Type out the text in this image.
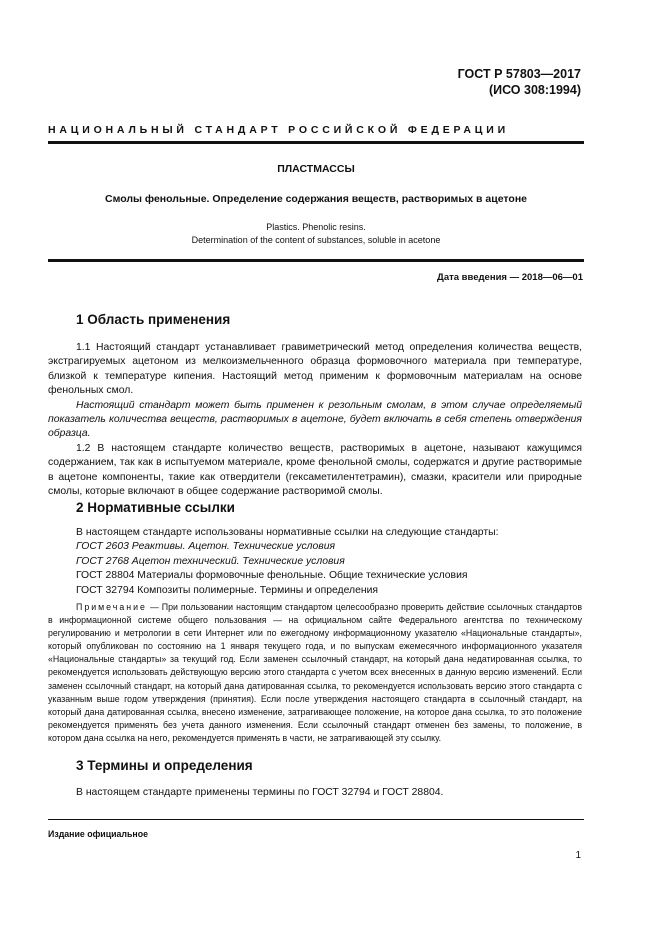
ГОСТ Р 57803—2017
(ИСО 308:1994)
НАЦИОНАЛЬНЫЙ СТАНДАРТ РОССИЙСКОЙ ФЕДЕРАЦИИ
ПЛАСТМАССЫ
Смолы фенольные. Определение содержания веществ, растворимых в ацетоне
Plastics. Phenolic resins.
Determination of the content of substances, soluble in acetone
Дата введения — 2018—06—01
1 Область применения

1.1 Настоящий стандарт устанавливает гравиметрический метод определения количества веществ, экстрагируемых ацетоном из мелкоизмельченного образца формовочного материала при температуре, близкой к температуре кипения. Настоящий метод применим к формовочным материалам на основе фенольных смол.

Настоящий стандарт может быть применен к резольным смолам, в этом случае определяемый показатель количества веществ, растворимых в ацетоне, будет включать в себя степень отверждения образца.

1.2 В настоящем стандарте количество веществ, растворимых в ацетоне, называют кажущимся содержанием, так как в испытуемом материале, кроме фенольной смолы, содержатся и другие растворимые в ацетоне компоненты, такие как отвердители (гексаметилентетрамин), смазки, красители или природные смолы, которые включают в общее содержание растворимой смолы.

2 Нормативные ссылки
В настоящем стандарте использованы нормативные ссылки на следующие стандарты:
ГОСТ 2603 Реактивы. Ацетон. Технические условия
ГОСТ 2768 Ацетон технический. Технические условия
ГОСТ 28804 Материалы формовочные фенольные. Общие технические условия
ГОСТ 32794 Композиты полимерные. Термины и определения
Примечание — При пользовании настоящим стандартом целесообразно проверить действие ссылочных стандартов в информационной системе общего пользования — на официальном сайте Федерального агентства по техническому регулированию и метрологии в сети Интернет или по ежегодному информационному указателю «Национальные стандарты», который опубликован по состоянию на 1 января текущего года, и по выпускам ежемесячного информационного указателя «Национальные стандарты» за текущий год. Если заменен ссылочный стандарт, на который дана недатированная ссылка, то рекомендуется использовать действующую версию этого стандарта с учетом всех внесенных в данную версию изменений. Если заменен ссылочный стандарт, на который дана датированная ссылка, то рекомендуется использовать версию этого стандарта с указанным выше годом утверждения (принятия). Если после утверждения настоящего стандарта в ссылочный стандарт, на который дана датированная ссылка, внесено изменение, затрагивающее положение, на которое дана ссылка, то это положение рекомендуется применять без учета данного изменения. Если ссылочный стандарт отменен без замены, то положение, в котором дана ссылка на него, рекомендуется применять в части, не затрагивающей эту ссылку.
3 Термины и определения
В настоящем стандарте применены термины по ГОСТ 32794 и ГОСТ 28804.
Издание официальное
1
